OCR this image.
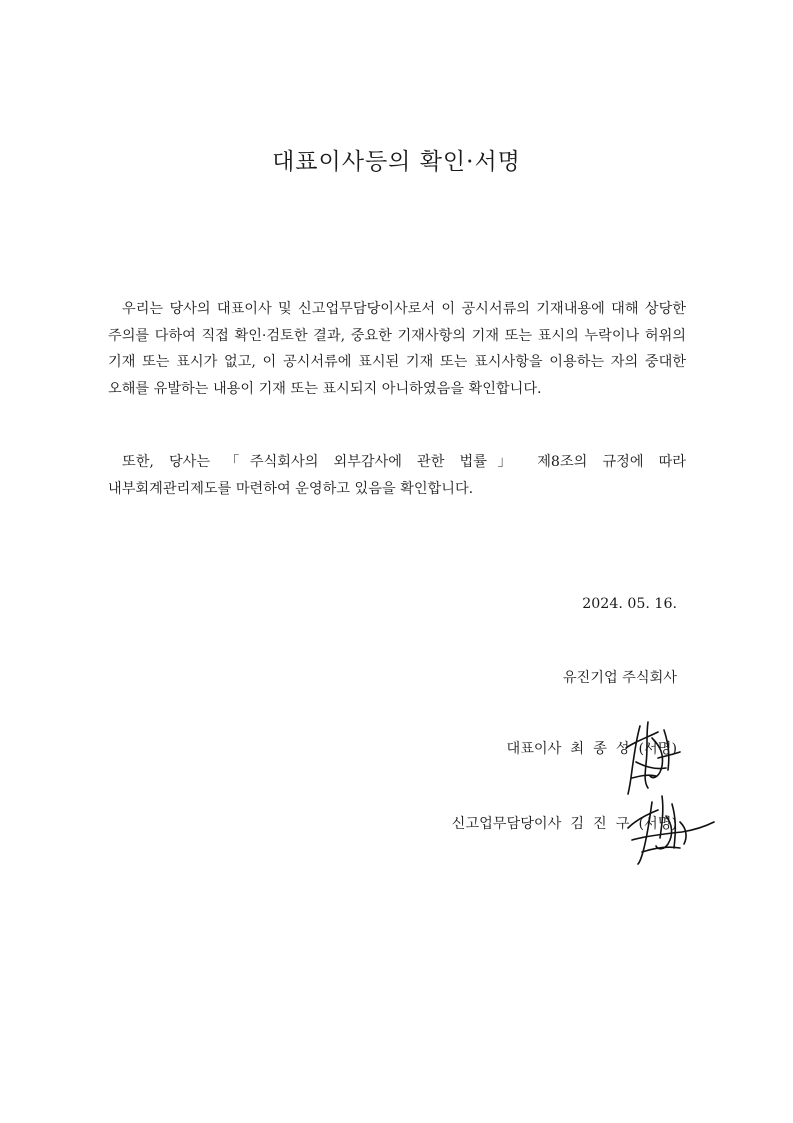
대표이사등의 확인·서명

우리는 당사의 대표이사 및 신고업무담당이사로서 이 공시서류의 기재내용에 대해 상당한 주의를 다하여 직접 확인·검토한 결과, 중요한 기재사항의 기재 또는 표시의 누락이나 허위의 기재 또는 표시가 없고, 이 공시서류에 표시된 기재 또는 표시사항을 이용하는 자의 중대한 오해를 유발하는 내용이 기재 또는 표시되지 아니하였음을 확인합니다.

또한, 당사는 「주식회사의 외부감사에 관한 법률」 제8조의 규정에 따라 내부회계관리제도를 마련하여 운영하고 있음을 확인합니다.

2024. 05. 16.
유진기업 주식회사
대표이사  최  종  성  (서명)
신고업무담당이사  김  진  구  (서명)
